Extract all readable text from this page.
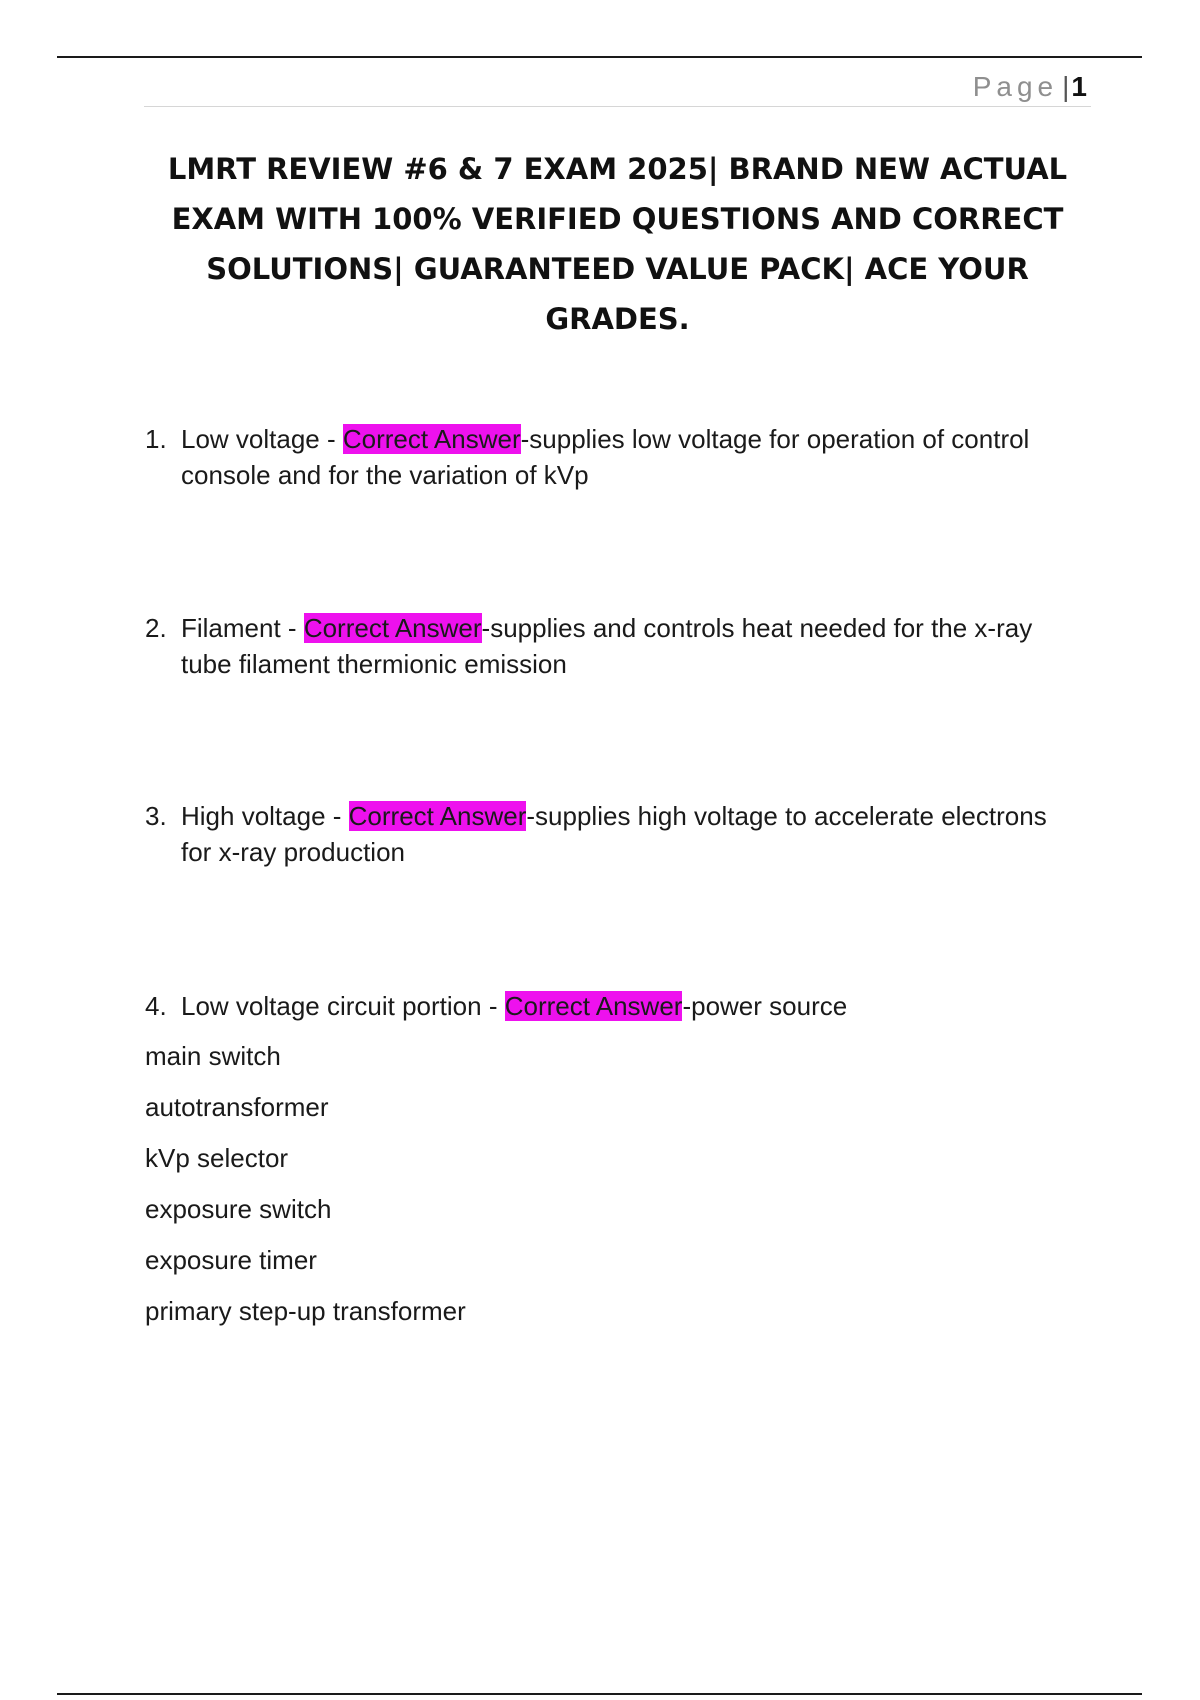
Page |1
LMRT REVIEW #6 & 7 EXAM 2025| BRAND NEW ACTUAL EXAM WITH 100% VERIFIED QUESTIONS AND CORRECT SOLUTIONS| GUARANTEED VALUE PACK| ACE YOUR GRADES.
1. Low voltage - Correct Answer-supplies low voltage for operation of control console and for the variation of kVp
2. Filament - Correct Answer-supplies and controls heat needed for the x-ray tube filament thermionic emission
3. High voltage - Correct Answer-supplies high voltage to accelerate electrons for x-ray production
4. Low voltage circuit portion - Correct Answer-power source
main switch
autotransformer
kVp selector
exposure switch
exposure timer
primary step-up transformer
